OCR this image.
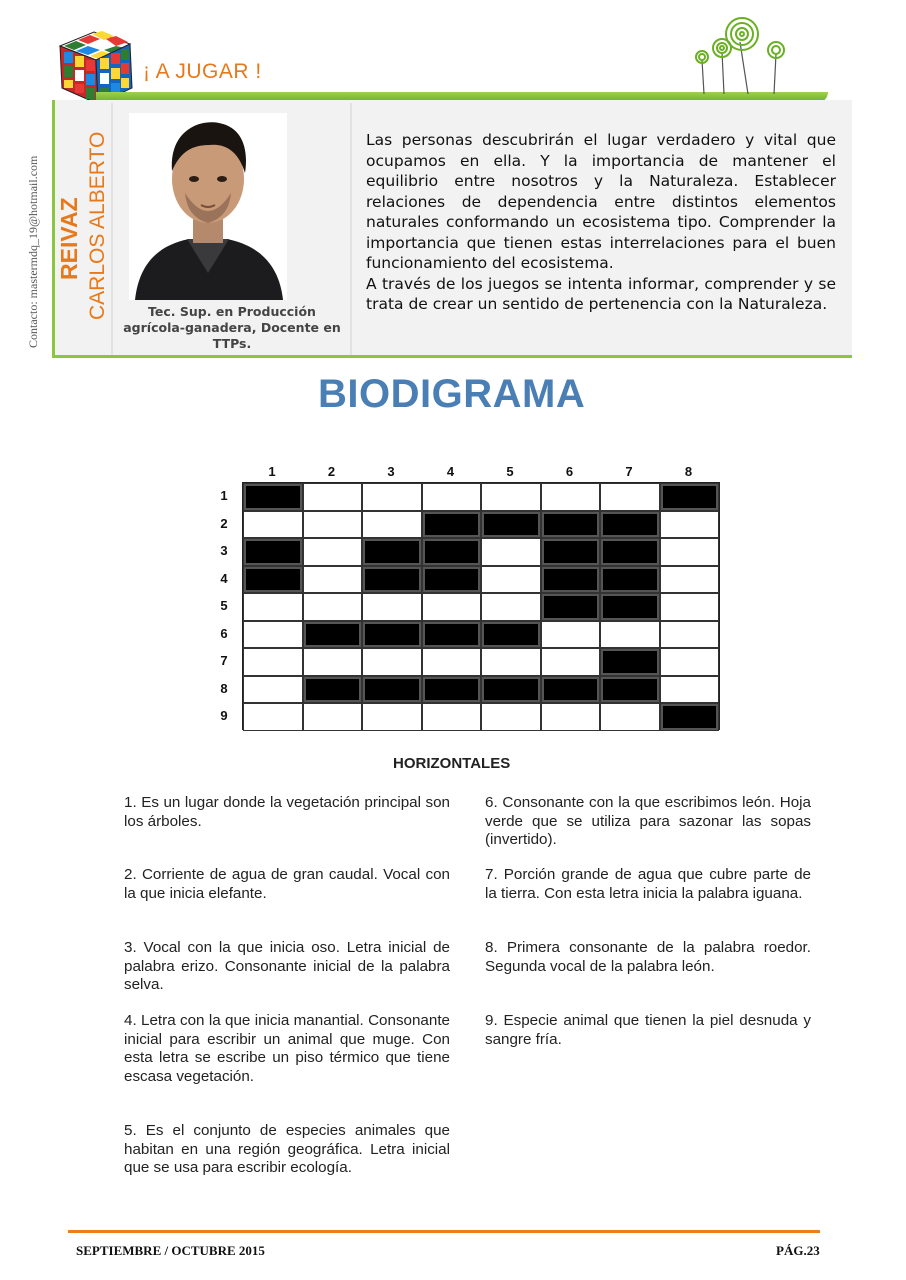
¡ A JUGAR !
Contacto: mastermdq_19@hotmail.com REIVAZ CARLOS ALBERTO	Tec. Sup. en Producción agrícola-ganadera, Docente en TTPs.

Las personas descubrirán el lugar verdadero y vital que ocupamos en ella. Y la importancia de mantener el equilibrio entre nosotros y la Naturaleza. Establecer relaciones de dependencia entre distintos elementos naturales conformando un ecosistema tipo. Comprender la importancia que tienen estas interrelaciones para el buen funcionamiento del ecosistema.

A través de los juegos se intenta informar, comprender y se trata de crear un sentido de pertenencia con la Naturaleza.

BIODIGRAMA
1	2	3	4	5	6	7	8
1
2
3
4
5
6
7
8
9
HORIZONTALES
1. Es un lugar donde la vegetación principal son los árboles.
2. Corriente de agua de gran caudal. Vocal con la que inicia elefante.
3. Vocal con la que inicia oso. Letra inicial de palabra erizo. Consonante inicial de la palabra selva.
4. Letra con la que inicia manantial. Consonante inicial para escribir un animal que muge. Con esta letra se escribe un piso térmico que tiene escasa vegetación.
5. Es el conjunto de especies animales que habitan en una región geográfica. Letra inicial que se usa para escribir ecología.
6. Consonante con la que escribimos león. Hoja verde que se utiliza para sazonar las sopas (invertido).
7. Porción grande de agua que cubre parte de la tierra. Con esta letra inicia la palabra iguana.
8. Primera consonante de la palabra roedor. Segunda vocal de la palabra león.
9. Especie animal que tienen la piel desnuda y sangre fría.
SEPTIEMBRE / OCTUBRE 2015	PÁG.23
